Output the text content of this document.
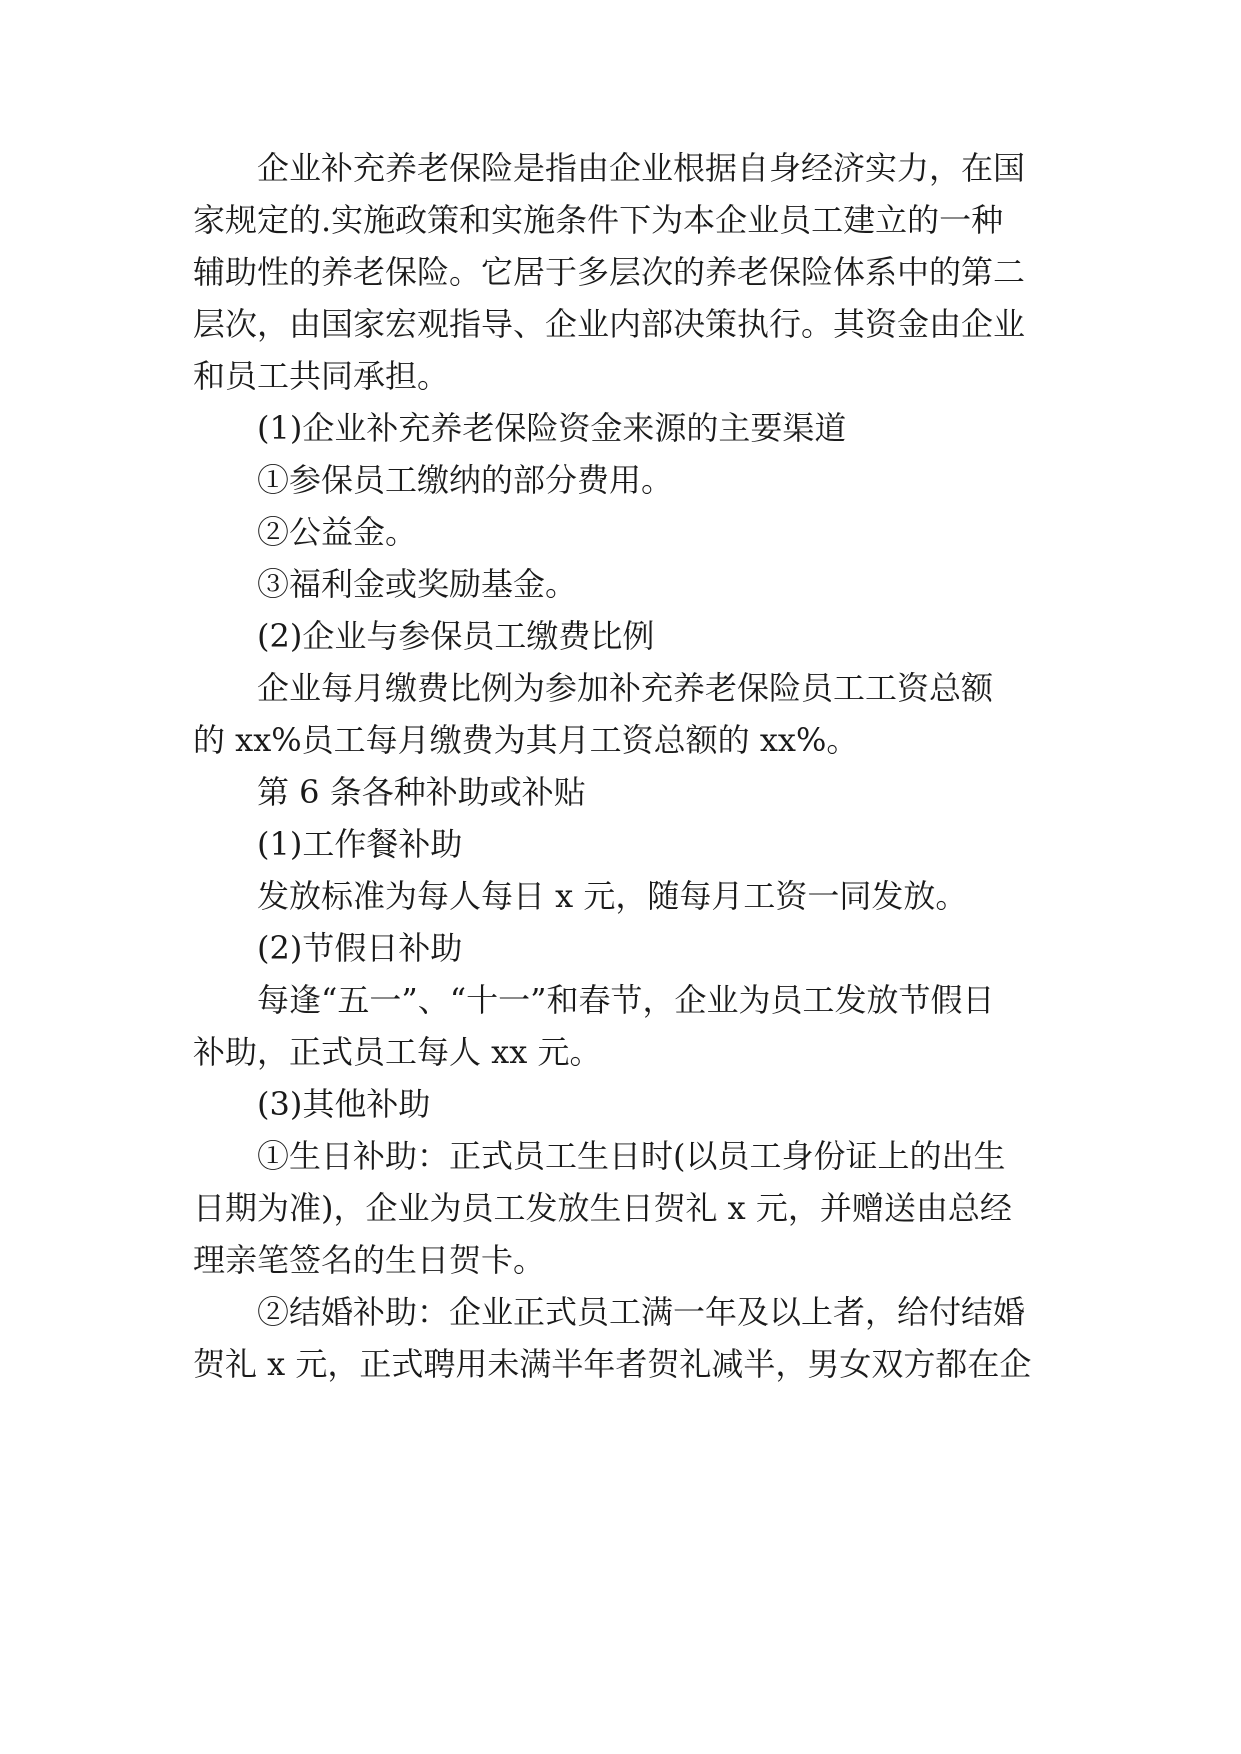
企业补充养老保险是指由企业根据自身经济实力，在国
家规定的.实施政策和实施条件下为本企业员工建立的一种
辅助性的养老保险。它居于多层次的养老保险体系中的第二
层次，由国家宏观指导、企业内部决策执行。其资金由企业
和员工共同承担。
(1)企业补充养老保险资金来源的主要渠道
①参保员工缴纳的部分费用。
②公益金。
③福利金或奖励基金。
(2)企业与参保员工缴费比例
企业每月缴费比例为参加补充养老保险员工工资总额
的 xx%员工每月缴费为其月工资总额的 xx%。
第 6 条各种补助或补贴
(1)工作餐补助
发放标准为每人每日 x 元，随每月工资一同发放。
(2)节假日补助
每逢“五一”、“十一”和春节，企业为员工发放节假日
补助，正式员工每人 xx 元。
(3)其他补助
①生日补助：正式员工生日时(以员工身份证上的出生
日期为准)，企业为员工发放生日贺礼 x 元，并赠送由总经
理亲笔签名的生日贺卡。
②结婚补助：企业正式员工满一年及以上者，给付结婚
贺礼 x 元，正式聘用未满半年者贺礼减半，男女双方都在企
